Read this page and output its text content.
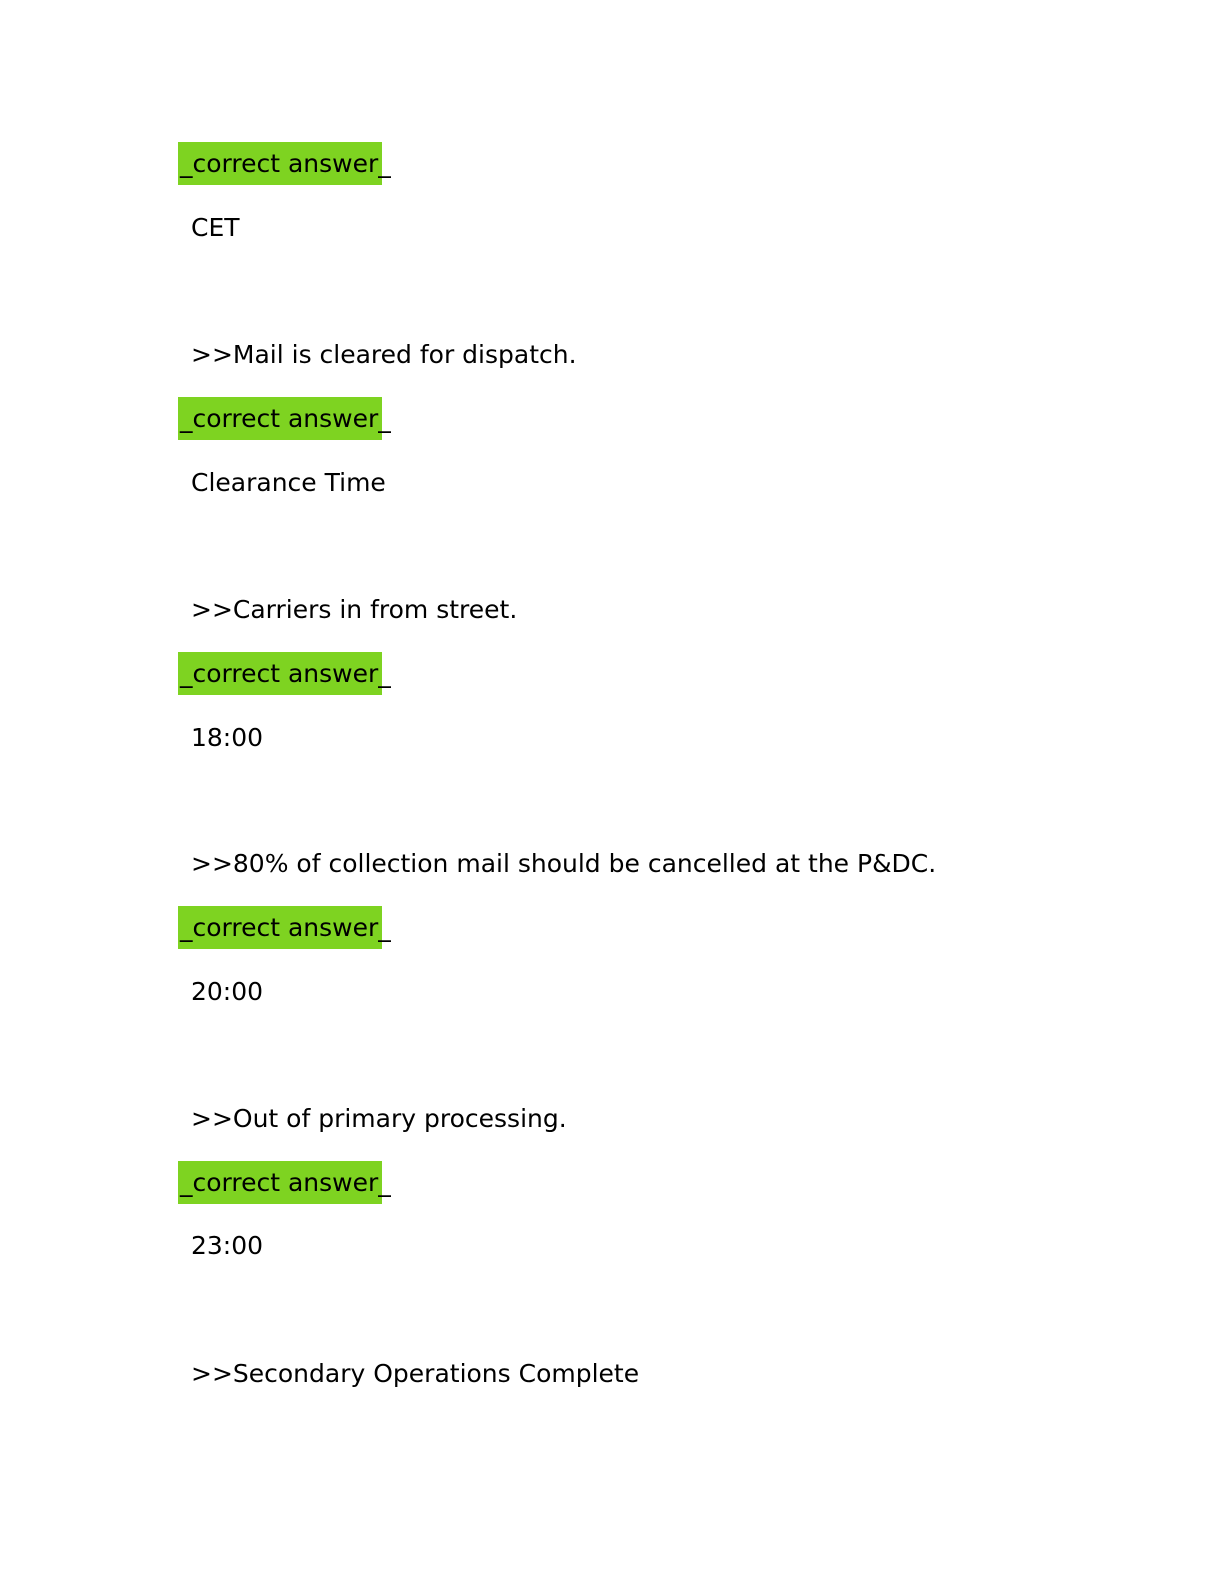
_correct answer_
CET
>>Mail is cleared for dispatch.
_correct answer_
Clearance Time
>>Carriers in from street.
_correct answer_
18:00
>>80% of collection mail should be cancelled at the P&DC.
_correct answer_
20:00
>>Out of primary processing.
_correct answer_
23:00
>>Secondary Operations Complete
